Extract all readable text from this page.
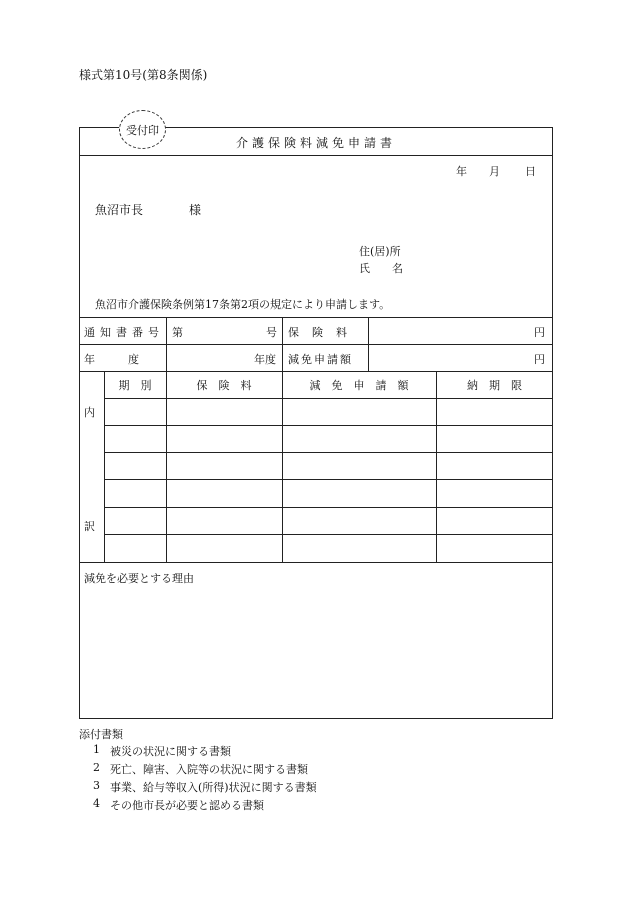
様式第10号(第8条関係)
受付印
介護保険料減免申請書
年 月 日
魚沼市長	様
住(居)所
氏　　名
魚沼市介護保険条例第17条第2項の規定により申請します。
通知書番号 第	号 保険料	円
年　　　度	年度 減免申請額	円
内
訳
期　別	保　険　料	減　免　申　請　額	納　期　限
減免を必要とする理由
添付書類
1 被災の状況に関する書類
2 死亡、障害、入院等の状況に関する書類
3 事業、給与等収入(所得)状況に関する書類
4 その他市長が必要と認める書類
